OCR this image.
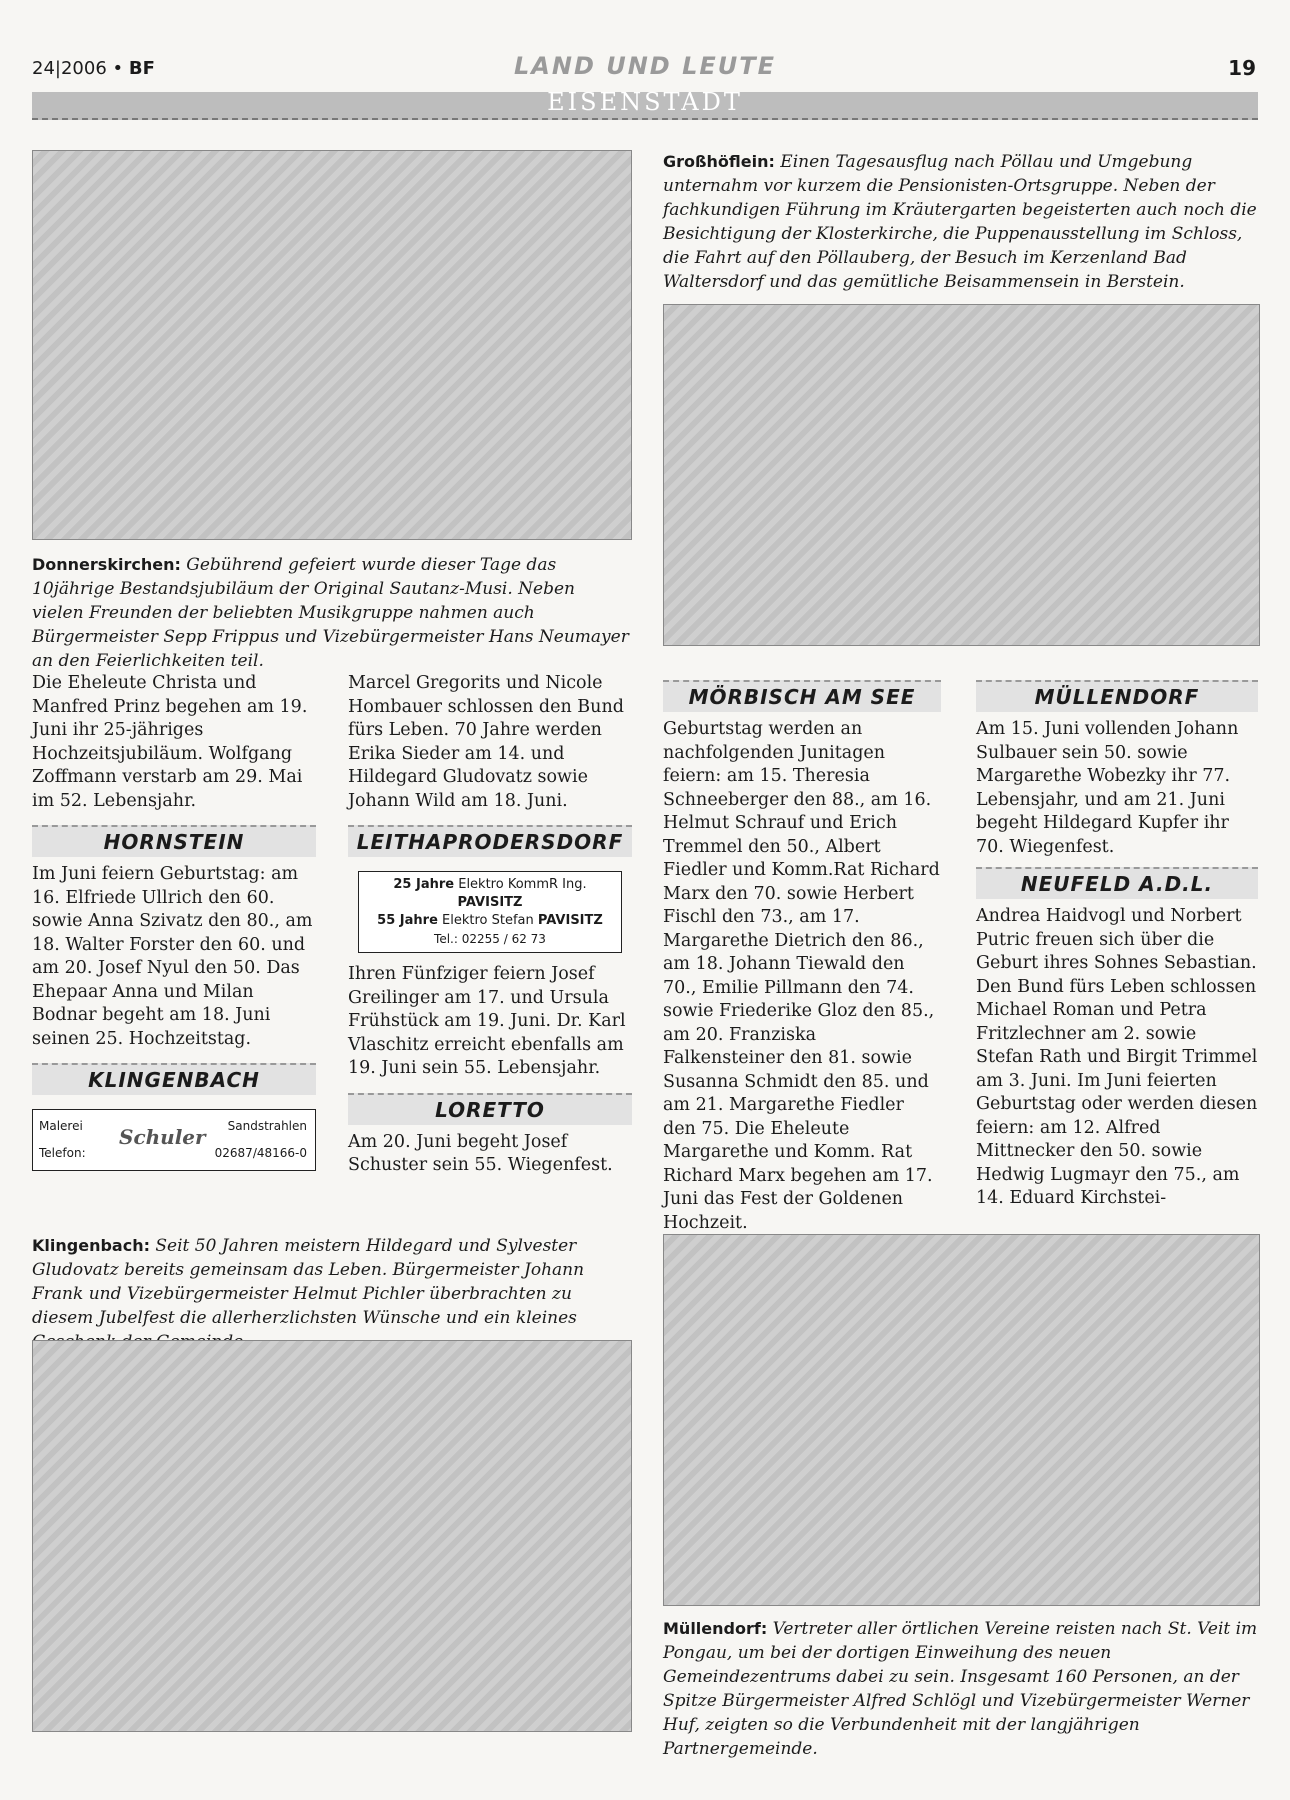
24|2006 • BF	LAND UND LEUTE	19
EISENSTADT
Donnerskirchen: Gebührend gefeiert wurde dieser Tage das 10jährige Bestandsjubiläum der Original Sautanz-Musi. Neben vielen Freunden der beliebten Musikgruppe nahmen auch Bürgermeister Sepp Frippus und Vizebürgermeister Hans Neumayer an den Feierlichkeiten teil.
Großhöflein: Einen Tagesausflug nach Pöllau und Umgebung unternahm vor kurzem die Pensionisten-Ortsgruppe. Neben der fachkundigen Führung im Kräutergarten begeisterten auch noch die Besichtigung der Klosterkirche, die Puppenausstellung im Schloss, die Fahrt auf den Pöllauberg, der Besuch im Kerzenland Bad Waltersdorf und das gemütliche Beisammensein in Berstein.

Die Eheleute Christa und Manfred Prinz begehen am 19. Juni ihr 25-jähriges Hochzeitsjubiläum. Wolfgang Zoffmann verstarb am 29. Mai im 52. Lebensjahr.

HORNSTEIN

Im Juni feiern Geburtstag: am 16. Elfriede Ullrich den 60. sowie Anna Szivatz den 80., am 18. Walter Forster den 60. und am 20. Josef Nyul den 50. Das Ehepaar Anna und Milan Bodnar begeht am 18. Juni seinen 25. Hochzeitstag.

KLINGENBACH
Malerei	Sandstrahlen
Schuler
Telefon:	02687/48166-0

Marcel Gregorits und Nicole Hombauer schlossen den Bund fürs Leben. 70 Jahre werden Erika Sieder am 14. und Hildegard Gludovatz sowie Johann Wild am 18. Juni.

LEITHAPRODERSDORF
25 Jahre Elektro KommR Ing. PAVISITZ
55 Jahre Elektro Stefan PAVISITZ
Tel.: 02255 / 62 73

Ihren Fünfziger feiern Josef Greilinger am 17. und Ursula Frühstück am 19. Juni. Dr. Karl Vlaschitz erreicht ebenfalls am 19. Juni sein 55. Lebensjahr.

LORETTO

Am 20. Juni begeht Josef Schuster sein 55. Wiegenfest.

MÖRBISCH AM SEE

Geburtstag werden an nachfolgenden Junitagen feiern: am 15. Theresia Schneeberger den 88., am 16. Helmut Schrauf und Erich Tremmel den 50., Albert Fiedler und Komm.Rat Richard Marx den 70. sowie Herbert Fischl den 73., am 17. Margarethe Dietrich den 86., am 18. Johann Tiewald den 70., Emilie Pillmann den 74. sowie Friederike Gloz den 85., am 20. Franziska Falkensteiner den 81. sowie Susanna Schmidt den 85. und am 21. Margarethe Fiedler den 75. Die Eheleute Margarethe und Komm. Rat Richard Marx begehen am 17. Juni das Fest der Goldenen Hochzeit.

MÜLLENDORF

Am 15. Juni vollenden Johann Sulbauer sein 50. sowie Margarethe Wobezky ihr 77. Lebensjahr, und am 21. Juni begeht Hildegard Kupfer ihr 70. Wiegenfest.

NEUFELD A.D.L.

Andrea Haidvogl und Norbert Putric freuen sich über die Geburt ihres Sohnes Sebastian. Den Bund fürs Leben schlossen Michael Roman und Petra Fritzlechner am 2. sowie Stefan Rath und Birgit Trimmel am 3. Juni. Im Juni feierten Geburtstag oder werden diesen feiern: am 12. Alfred Mittnecker den 50. sowie Hedwig Lugmayr den 75., am 14. Eduard Kirchstei-

Klingenbach: Seit 50 Jahren meistern Hildegard und Sylvester Gludovatz bereits gemeinsam das Leben. Bürgermeister Johann Frank und Vizebürgermeister Helmut Pichler überbrachten zu diesem Jubelfest die allerherzlichsten Wünsche und ein kleines
Müllendorf: Vertreter aller örtlichen Vereine reisten nach St. Veit im Pongau, um bei der dortigen Einweihung des neuen Gemeindezentrums dabei zu sein. Insgesamt 160 Personen, an der Spitze Bürgermeister Alfred Schlögl und Vizebürgermeister Werner Huf, zeigten so die Verbundenheit mit der langjährigen Partnergemeinde.
